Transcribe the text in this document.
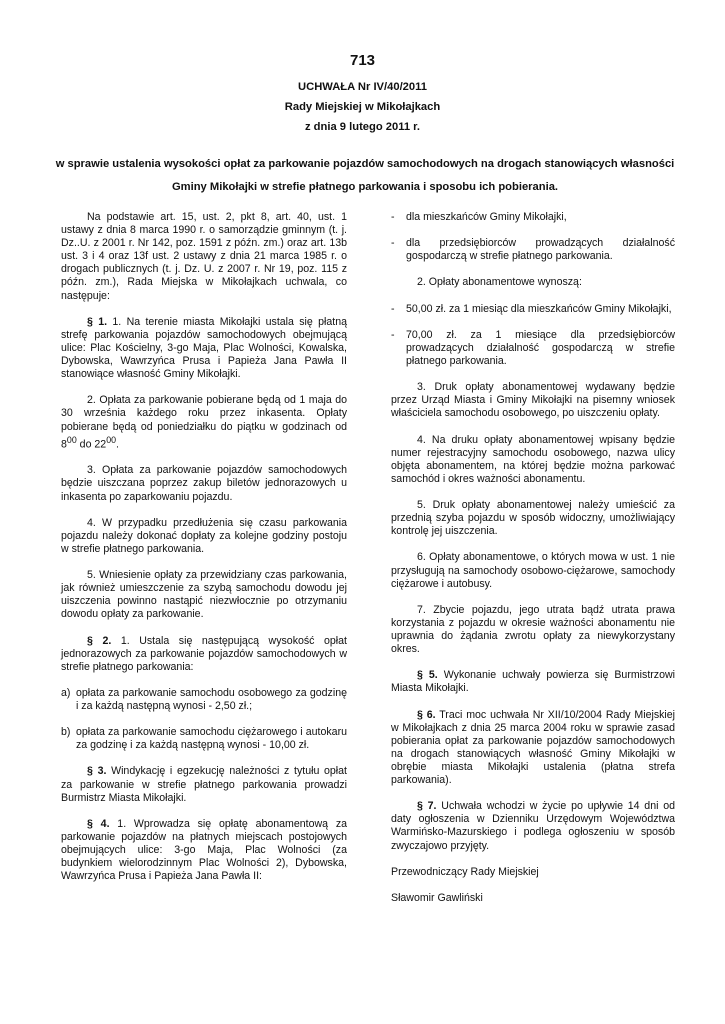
713
UCHWAŁA Nr IV/40/2011
Rady Miejskiej w Mikołajkach
z dnia 9 lutego 2011 r.
w sprawie ustalenia wysokości opłat za parkowanie pojazdów samochodowych na drogach stanowiących własności
Gminy Mikołajki w strefie płatnego parkowania i sposobu ich pobierania.

Na podstawie art. 15, ust. 2, pkt 8, art. 40, ust. 1 ustawy z dnia 8 marca 1990 r. o samorządzie gminnym (t. j. Dz..U. z 2001 r. Nr 142, poz. 1591 z późn. zm.) oraz art. 13b ust. 3 i 4 oraz 13f ust. 2 ustawy z dnia 21 marca 1985 r. o drogach publicznych (t. j. Dz. U. z 2007 r. Nr 19, poz. 115 z późn. zm.), Rada Miejska w Mikołajkach uchwala, co następuje:

§ 1. 1. Na terenie miasta Mikołajki ustala się płatną strefę parkowania pojazdów samochodowych obejmującą ulice: Plac Kościelny, 3-go Maja, Plac Wolności, Kowalska, Dybowska, Wawrzyńca Prusa i Papieża Jana Pawła II stanowiące własność Gminy Mikołajki.

2. Opłata za parkowanie pobierane będą od 1 maja do 30 września każdego roku przez inkasenta. Opłaty pobierane będą od poniedziałku do piątku w godzinach od $8^{00}$ do $22^{00}$.

3. Opłata za parkowanie pojazdów samochodowych będzie uiszczana poprzez zakup biletów jednorazowych u inkasenta po zaparkowaniu pojazdu.

4. W przypadku przedłużenia się czasu parkowania pojazdu należy dokonać dopłaty za kolejne godziny postoju w strefie płatnego parkowania.

5. Wniesienie opłaty za przewidziany czas parkowania, jak również umieszczenie za szybą samochodu dowodu jej uiszczenia powinno nastąpić niezwłocznie po otrzymaniu dowodu opłaty za parkowanie.

§ 2. 1. Ustala się następującą wysokość opłat jednorazowych za parkowanie pojazdów samochodowych w strefie płatnego parkowania:

a) opłata za parkowanie samochodu osobowego za godzinę i za każdą następną wynosi - 2,50 zł.;
b) opłata za parkowanie samochodu ciężarowego i autokaru za godzinę i za każdą następną wynosi - 10,00 zł.

§ 3. Windykację i egzekucję należności z tytułu opłat za parkowanie w strefie płatnego parkowania prowadzi Burmistrz Miasta Mikołajki.

§ 4. 1. Wprowadza się opłatę abonamentową za parkowanie pojazdów na płatnych miejscach postojowych obejmujących ulice: 3-go Maja, Plac Wolności (za budynkiem wielorodzinnym Plac Wolności 2), Dybowska, Wawrzyńca Prusa i Papieża Jana Pawła II:

-	dla mieszkańców Gminy Mikołajki,
-	dla przedsiębiorców prowadzących działalność gospodarczą w strefie płatnego parkowania.

2. Opłaty abonamentowe wynoszą:

-	50,00 zł. za 1 miesiąc dla mieszkańców Gminy Mikołajki,
-	70,00 zł. za 1 miesiące dla przedsiębiorców prowadzących działalność gospodarczą w strefie płatnego parkowania.

3. Druk opłaty abonamentowej wydawany będzie przez Urząd Miasta i Gminy Mikołajki na pisemny wniosek właściciela samochodu osobowego, po uiszczeniu opłaty.

4. Na druku opłaty abonamentowej wpisany będzie numer rejestracyjny samochodu osobowego, nazwa ulicy objęta abonamentem, na której będzie można parkować samochód i okres ważności abonamentu.

5. Druk opłaty abonamentowej należy umieścić za przednią szyba pojazdu w sposób widoczny, umożliwiający kontrolę jej uiszczenia.

6. Opłaty abonamentowe, o których mowa w ust. 1 nie przysługują na samochody osobowo-ciężarowe, samochody ciężarowe i autobusy.

7. Zbycie pojazdu, jego utrata bądź utrata prawa korzystania z pojazdu w okresie ważności abonamentu nie uprawnia do żądania zwrotu opłaty za niewykorzystany okres.

§ 5. Wykonanie uchwały powierza się Burmistrzowi Miasta Mikołajki.

§ 6. Traci moc uchwała Nr XII/10/2004 Rady Miejskiej w Mikołajkach z dnia 25 marca 2004 roku w sprawie zasad pobierania opłat za parkowanie pojazdów samochodowych na drogach stanowiących własność Gminy Mikołajki w obrębie miasta Mikołajki ustalenia (płatna strefa parkowania).

§ 7. Uchwała wchodzi w życie po upływie 14 dni od daty ogłoszenia w Dzienniku Urzędowym Województwa Warmińsko-Mazurskiego i podlega ogłoszeniu w sposób zwyczajowo przyjęty.

Przewodniczący Rady Miejskiej

Sławomir Gawliński
